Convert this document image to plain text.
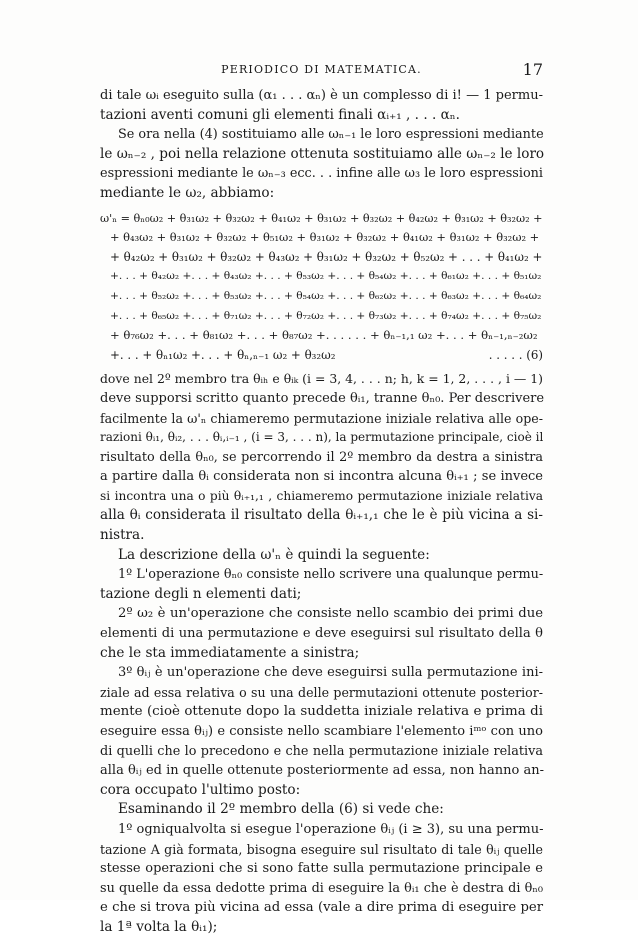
PERIODICO DI MATEMATICA.	17
di tale ωᵢ eseguito sulla (α₁ . . . αₙ) è un complesso di i! — 1 permu-
tazioni aventi comuni gli elementi finali αᵢ₊₁ , . . . αₙ.
Se ora nella (4) sostituiamo alle ωₙ₋₁ le loro espressioni mediante
le ωₙ₋₂ , poi nella relazione ottenuta sostituiamo alle ωₙ₋₂ le loro
espressioni mediante le ωₙ₋₃ ecc. . . infine alle ω₃ le loro espressioni
mediante le ω₂, abbiamo:
ω'ₙ = θₙ₀ω₂ + θ₃₁ω₂ + θ₃₂ω₂ + θ₄₁ω₂ + θ₃₁ω₂ + θ₃₂ω₂ + θ₄₂ω₂ + θ₃₁ω₂ + θ₃₂ω₂ +
+ θ₄₃ω₂ + θ₃₁ω₂ + θ₃₂ω₂ + θ₅₁ω₂ + θ₃₁ω₂ + θ₃₂ω₂ + θ₄₁ω₂ + θ₃₁ω₂ + θ₃₂ω₂ +
+ θ₄₂ω₂ + θ₃₁ω₂ + θ₃₂ω₂ + θ₄₃ω₂ + θ₃₁ω₂ + θ₃₂ω₂ + θ₅₂ω₂ + . . . + θ₄₁ω₂ +
+. . . + θ₄₂ω₂ +. . . + θ₄₃ω₂ +. . . + θ₅₃ω₂ +. . . + θ₅₄ω₂ +. . . + θ₆₁ω₂ +. . . + θ₅₁ω₂
+. . . + θ₅₂ω₂ +. . . + θ₅₃ω₂ +. . . + θ₅₄ω₂ +. . . + θ₆₂ω₂ +. . . + θ₆₃ω₂ +. . . + θ₆₄ω₂
+. . . + θ₆₅ω₂ +. . . + θ₇₁ω₂ +. . . + θ₇₂ω₂ +. . . + θ₇₃ω₂ +. . . + θ₇₄ω₂ +. . . + θ₇₅ω₂
+ θ₇₆ω₂ +. . . + θ₈₁ω₂ +. . . + θ₈₇ω₂ +. . . . . . + θₙ₋₁,₁ ω₂ +. . . + θₙ₋₁,ₙ₋₂ω₂
+. . . + θₙ₁ω₂ +. . . + θₙ,ₙ₋₁ ω₂ + θ₃₂ω₂	. . . . . (6)
dove nel 2º membro tra θᵢₕ e θᵢₖ (i = 3, 4, . . . n; h, k = 1, 2, . . . , i — 1)
deve supporsi scritto quanto precede θᵢ₁, tranne θₙ₀. Per descrivere
facilmente la ω'ₙ chiameremo permutazione iniziale relativa alle ope-
razioni θᵢ₁, θᵢ₂, . . . θᵢ,ᵢ₋₁ , (i = 3, . . . n), la permutazione principale, cioè il
risultato della θₙ₀, se percorrendo il 2º membro da destra a sinistra
a partire dalla θᵢ considerata non si incontra alcuna θᵢ₊₁ ; se invece
si incontra una o più θᵢ₊₁,₁ , chiameremo permutazione iniziale relativa
alla θᵢ considerata il risultato della θᵢ₊₁,₁ che le è più vicina a si-
nistra.
La descrizione della ω'ₙ è quindi la seguente:
1º L'operazione θₙ₀ consiste nello scrivere una qualunque permu-
tazione degli n elementi dati;
2º ω₂ è un'operazione che consiste nello scambio dei primi due
elementi di una permutazione e deve eseguirsi sul risultato della θ
che le sta immediatamente a sinistra;
3º θᵢⱼ è un'operazione che deve eseguirsi sulla permutazione ini-
ziale ad essa relativa o su una delle permutazioni ottenute posterior-
mente (cioè ottenute dopo la suddetta iniziale relativa e prima di
eseguire essa θᵢⱼ) e consiste nello scambiare l'elemento iᵐᵒ con uno
di quelli che lo precedono e che nella permutazione iniziale relativa
alla θᵢⱼ ed in quelle ottenute posteriormente ad essa, non hanno an-
cora occupato l'ultimo posto:
Esaminando il 2º membro della (6) si vede che:
1º ogniqualvolta si esegue l'operazione θᵢⱼ (i ≥ 3), su una permu-
tazione A già formata, bisogna eseguire sul risultato di tale θᵢⱼ quelle
stesse operazioni che si sono fatte sulla permutazione principale e
su quelle da essa dedotte prima di eseguire la θᵢ₁ che è destra di θₙ₀
e che si trova più vicina ad essa (vale a dire prima di eseguire per
la 1ª volta la θᵢ₁);
